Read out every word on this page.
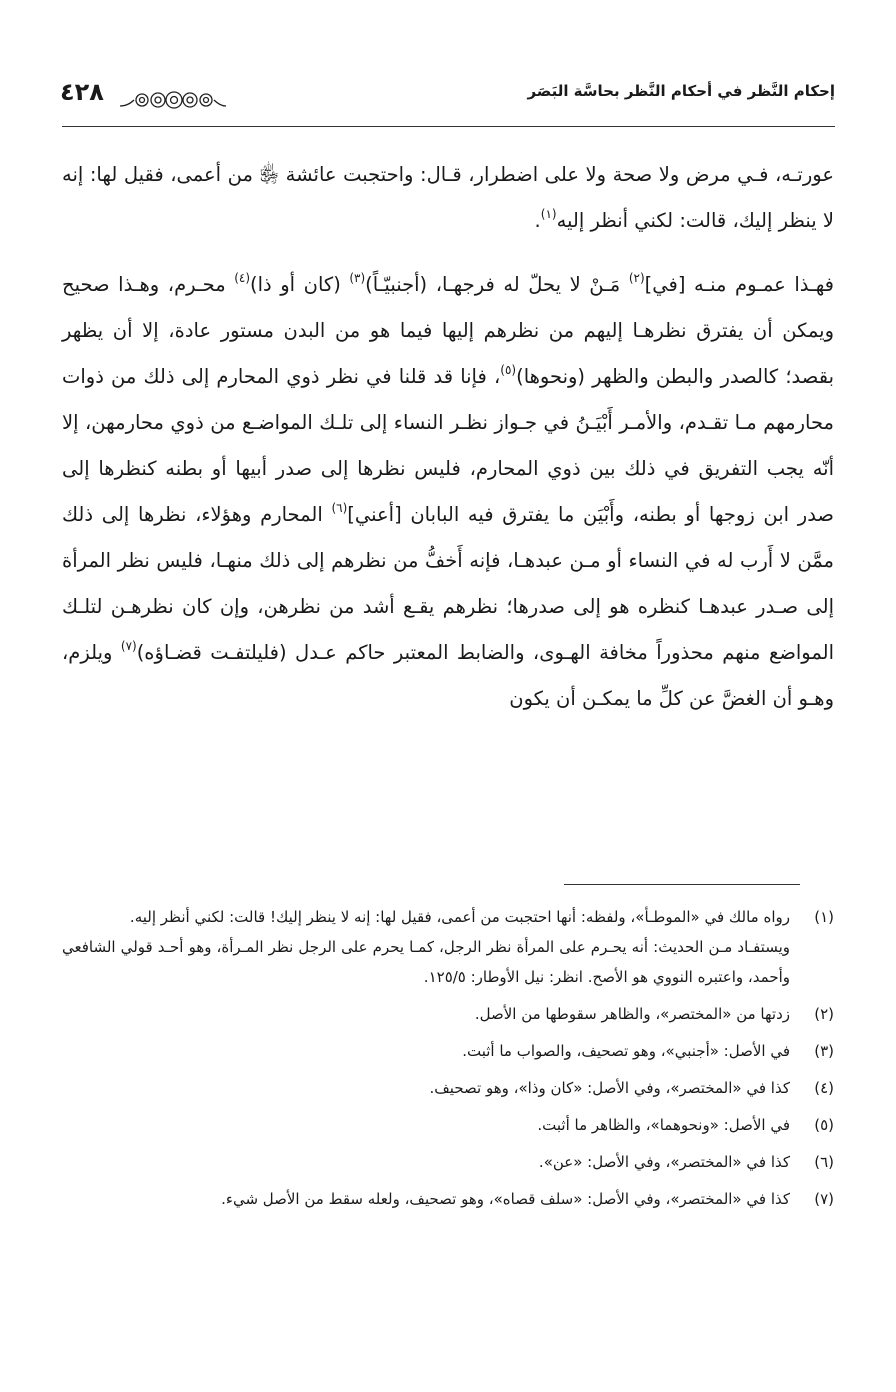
إحكام النَّظر في أحكام النَّظر بحاسَّة البَصَر
٤٢٨

عورتـه، فـي مرض ولا صحة ولا على اضطرار، قـال: واحتجبت عائشة ﵂ من أعمى، فقيل لها: إنه لا ينظر إليك، قالت: لكني أنظر إليه$^{(١)}$.

فهـذا عمـوم منـه [في]$^{(٢)}$ مَـنْ لا يحلّ له فرجهـا، (أجنبيّـاً)$^{(٣)}$ (كان أو ذا)$^{(٤)}$ محـرم، وهـذا صحيح ويمكن أن يفترق نظرهـا إليهم من نظرهم إليها فيما هو من البدن مستور عادة، إلا أن يظهر بقصد؛ كالصدر والبطن والظهر (ونحوها)$^{(٥)}$، فإنا قد قلنا في نظر ذوي المحارم إلى ذلك من ذوات محارمهم مـا تقـدم، والأمـر أَبْيَـنُ في جـواز نظـر النساء إلى تلـك المواضـع من ذوي محارمهن، إلا أنّه يجب التفريق في ذلك بين ذوي المحارم، فليس نظرها إلى صدر أبيها أو بطنه كنظرها إلى صدر ابن زوجها أو بطنه، وأَبْيَن ما يفترق فيه البابان [أعني]$^{(٦)}$ المحارم وهؤلاء، نظرها إلى ذلك ممَّن لا أَرب له في النساء أو مـن عبدهـا، فإنه أَخفُّ من نظرهم إلى ذلك منهـا، فليس نظر المرأة إلى صـدر عبدهـا كنظره هو إلى صدرها؛ نظرهم يقـع أشد من نظرهن، وإن كان نظرهـن لتلـك المواضع منهم محذوراً مخافة الهـوى، والضابط المعتبر حاكم عـدل (فليلتفـت قضـاؤه)$^{(٧)}$ ويلزم، وهـو أن الغضَّ عن كلِّ ما يمكـن أن يكون

(١)

رواه مالك في «الموطـأ»، ولفظه: أنها احتجبت من أعمى، فقيل لها: إنه لا ينظر إليك! قالت: لكني أنظر إليه.

ويستفـاد مـن الحديث: أنه يحـرم على المرأة نظر الرجل، كمـا يحرم على الرجل نظر المـرأة، وهو أحـد قولي الشافعي وأحمد، واعتبره النووي هو الأصح. انظر: نيل الأوطار: ١٢٥/٥.

(٢)

زدتها من «المختصر»، والظاهر سقوطها من الأصل.

(٣)

في الأصل: «أجنبي»، وهو تصحيف، والصواب ما أثبت.

(٤)

كذا في «المختصر»، وفي الأصل: «كان وذا»، وهو تصحيف.

(٥)

في الأصل: «ونحوهما»، والظاهر ما أثبت.

(٦)

كذا في «المختصر»، وفي الأصل: «عن».

(٧)

كذا في «المختصر»، وفي الأصل: «سلف قصاه»، وهو تصحيف، ولعله سقط من الأصل شيء.
